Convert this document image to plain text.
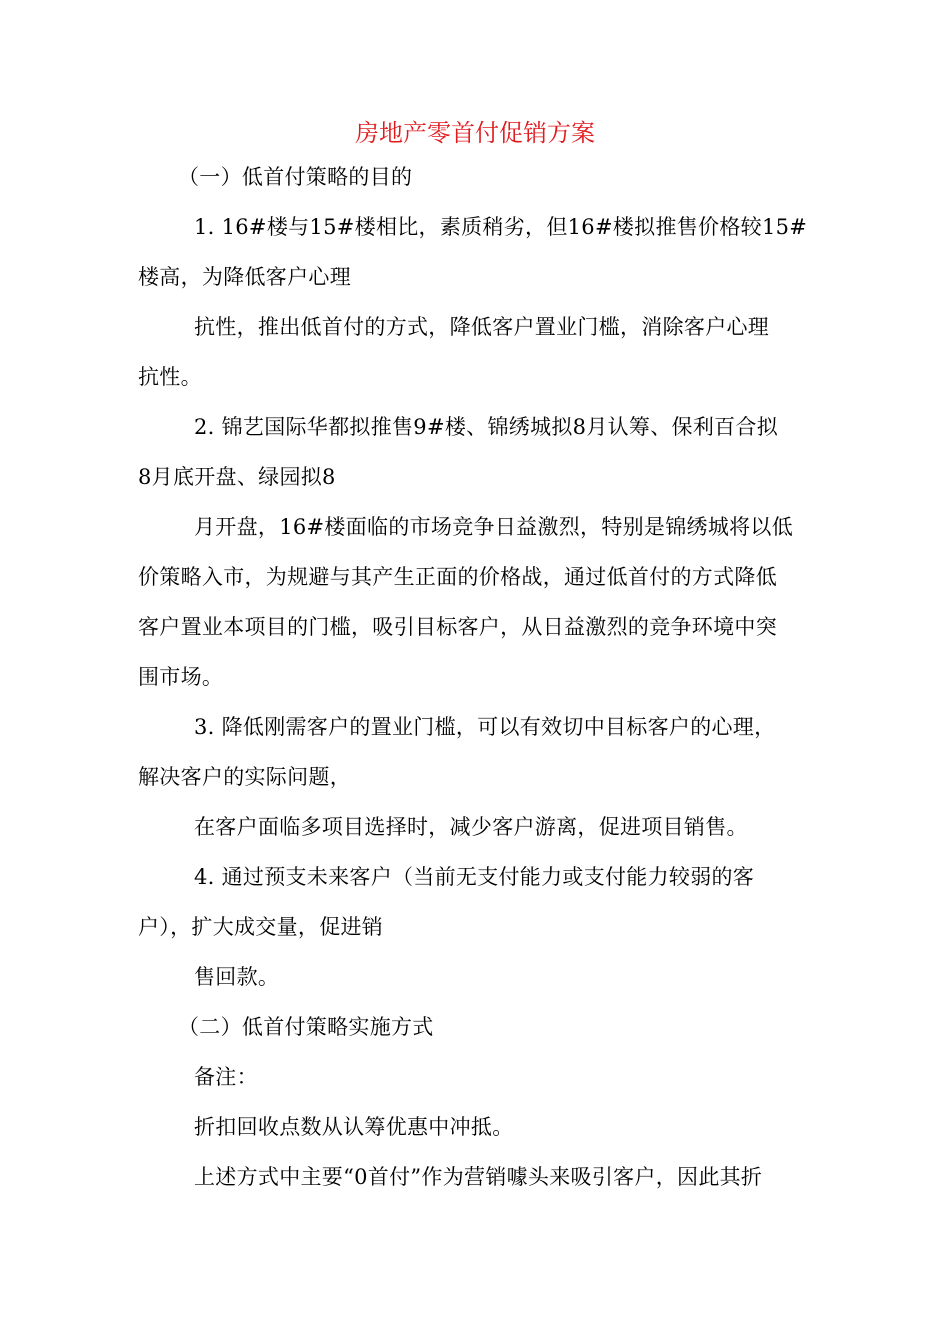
房地产零首付促销方案
（一）低首付策略的目的
1. 16#楼与15#楼相比，素质稍劣，但16#楼拟推售价格较15#
楼高，为降低客户心理
抗性，推出低首付的方式，降低客户置业门槛，消除客户心理
抗性。
2. 锦艺国际华都拟推售9#楼、锦绣城拟8月认筹、保利百合拟
8月底开盘、绿园拟8
月开盘，16#楼面临的市场竞争日益激烈，特别是锦绣城将以低
价策略入市，为规避与其产生正面的价格战，通过低首付的方式降低
客户置业本项目的门槛，吸引目标客户，从日益激烈的竞争环境中突
围市场。
3. 降低刚需客户的置业门槛，可以有效切中目标客户的心理，
解决客户的实际问题，
在客户面临多项目选择时，减少客户游离，促进项目销售。
4. 通过预支未来客户（当前无支付能力或支付能力较弱的客
户），扩大成交量，促进销
售回款。
（二）低首付策略实施方式
备注：
折扣回收点数从认筹优惠中冲抵。
上述方式中主要“0首付”作为营销噱头来吸引客户，因此其折
